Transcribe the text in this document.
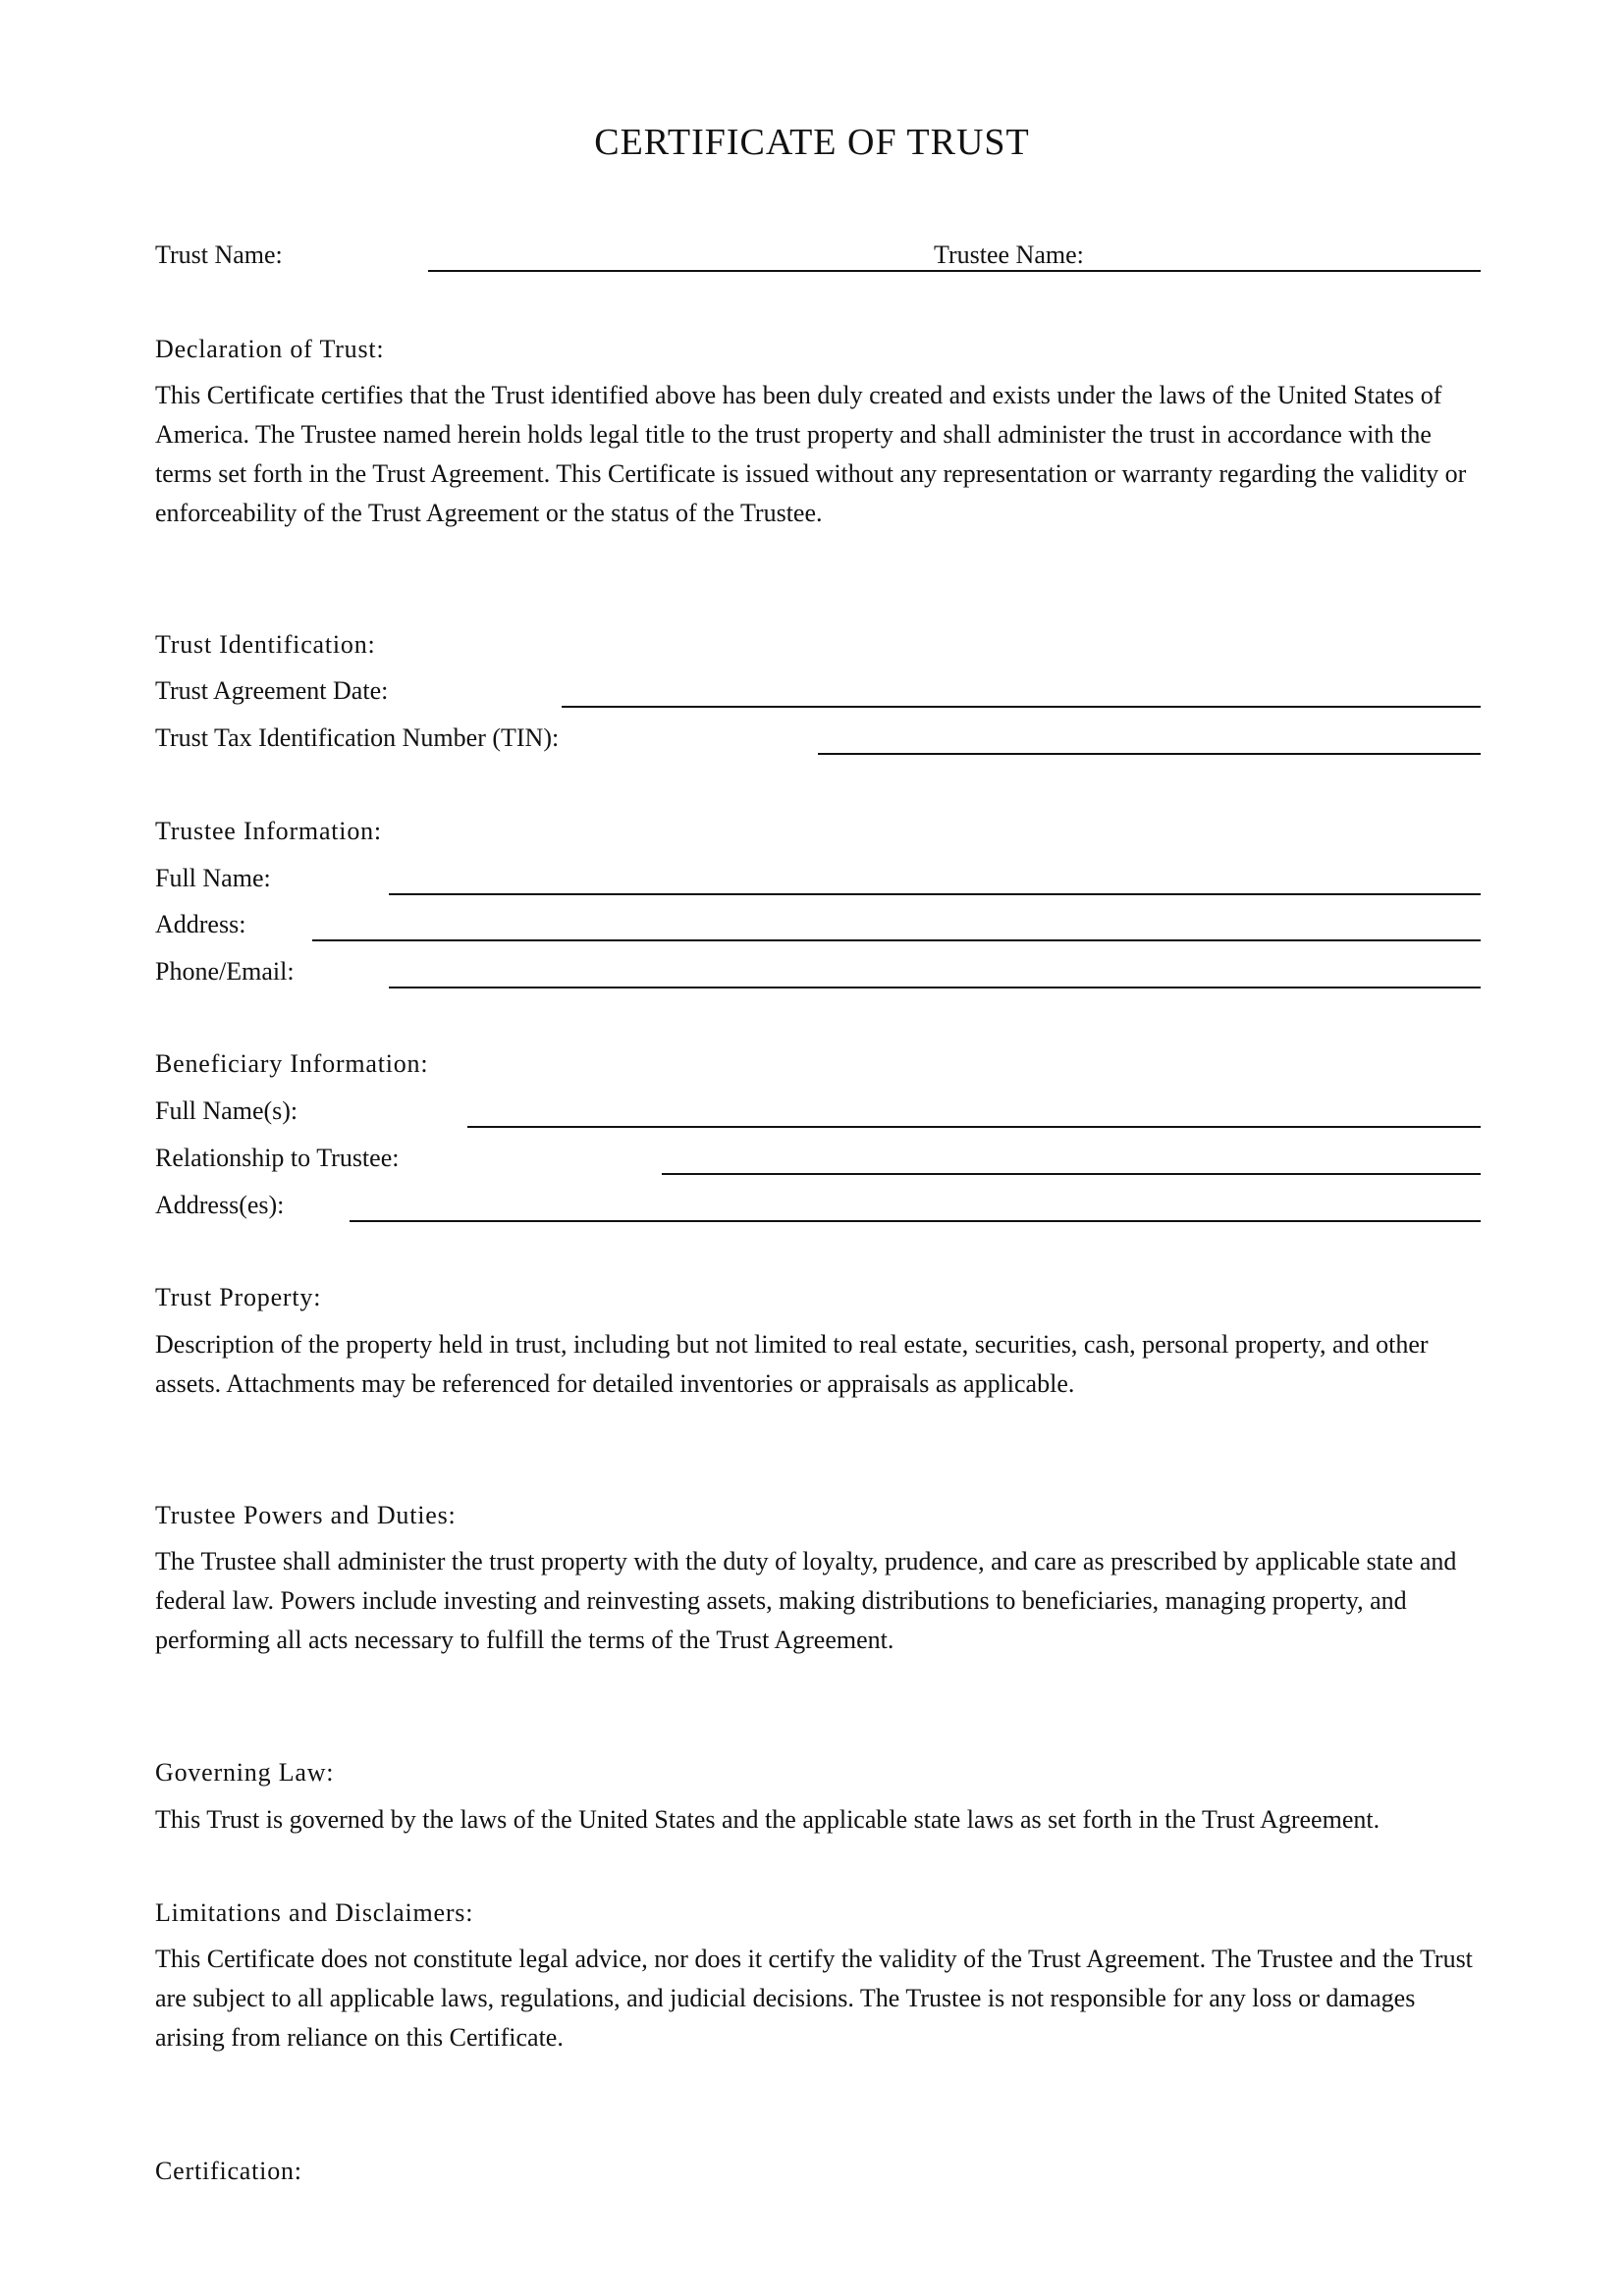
CERTIFICATE OF TRUST
Trust Name:	Trustee Name:
Declaration of Trust:
This Certificate certifies that the Trust identified above has been duly created and exists under the laws of the United States of America. The Trustee named herein holds legal title to the trust property and shall administer the trust in accordance with the terms set forth in the Trust Agreement. This Certificate is issued without any representation or warranty regarding the validity or enforceability of the Trust Agreement or the status of the Trustee.
Trust Identification:
Trust Agreement Date:
Trust Tax Identification Number (TIN):
Trustee Information:
Full Name:
Address:
Phone/Email:
Beneficiary Information:
Full Name(s):
Relationship to Trustee:
Address(es):
Trust Property:
Description of the property held in trust, including but not limited to real estate, securities, cash, personal property, and other assets. Attachments may be referenced for detailed inventories or appraisals as applicable.
Trustee Powers and Duties:
The Trustee shall administer the trust property with the duty of loyalty, prudence, and care as prescribed by applicable state and federal law. Powers include investing and reinvesting assets, making distributions to beneficiaries, managing property, and performing all acts necessary to fulfill the terms of the Trust Agreement.
Governing Law:
This Trust is governed by the laws of the United States and the applicable state laws as set forth in the Trust Agreement.
Limitations and Disclaimers:
This Certificate does not constitute legal advice, nor does it certify the validity of the Trust Agreement. The Trustee and the Trust are subject to all applicable laws, regulations, and judicial decisions. The Trustee is not responsible for any loss or damages arising from reliance on this Certificate.
Certification:
